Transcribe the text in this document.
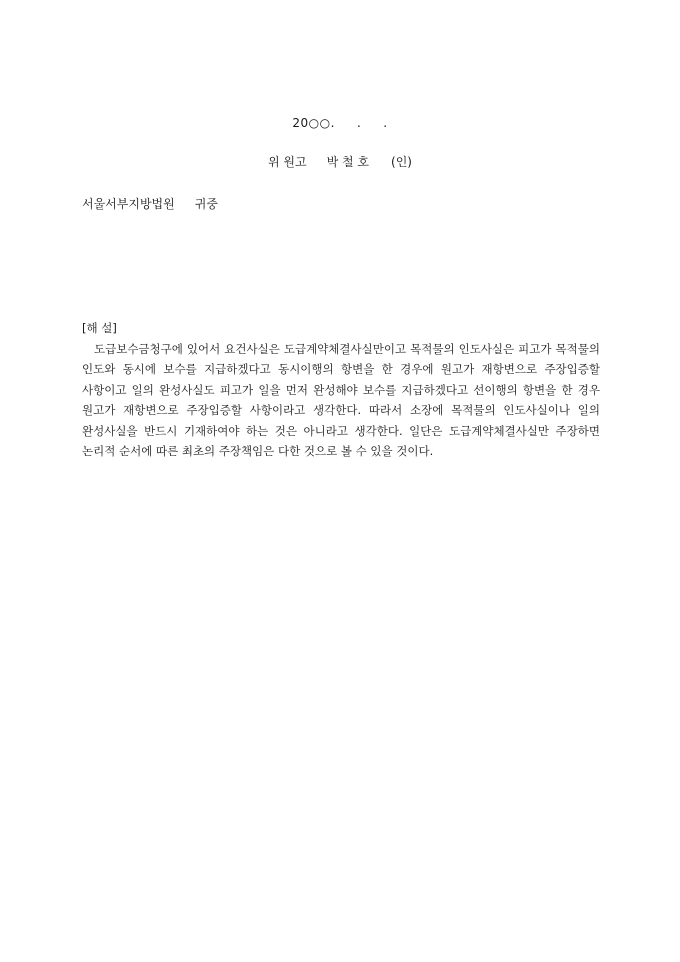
20○○. . .
위 원고 박 철 호 (인)
서울서부지방법원 귀중
[해 설]
도급보수금청구에 있어서 요건사실은 도급계약체결사실만이고 목적물의 인도사실은 피고가 목적물의 인도와 동시에 보수를 지급하겠다고 동시이행의 항변을 한 경우에 원고가 재항변으로 주장입증할 사항이고 일의 완성사실도 피고가 일을 먼저 완성해야 보수를 지급하겠다고 선이행의 항변을 한 경우 원고가 재항변으로 주장입증할 사항이라고 생각한다. 따라서 소장에 목적물의 인도사실이나 일의 완성사실을 반드시 기재하여야 하는 것은 아니라고 생각한다. 일단은 도급계약체결사실만 주장하면 논리적 순서에 따른 최초의 주장책임은 다한 것으로 볼 수 있을 것이다.
